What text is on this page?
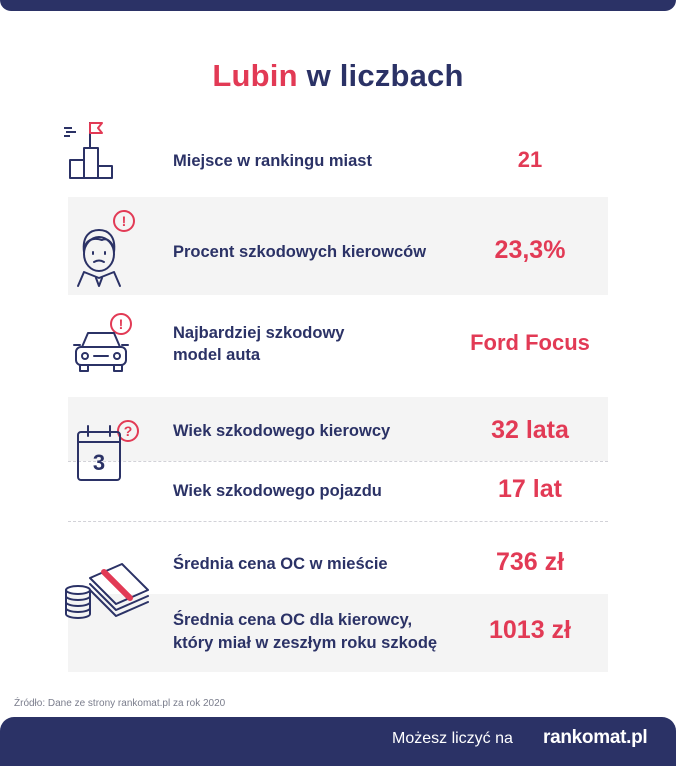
Lubin w liczbach
Miejsce w rankingu miast	21
!
Procent szkodowych kierowców	23,3%
!	Najbardziej szkodowy
model auta	Ford Focus
?
3
Wiek szkodowego kierowcy	32 lata
Wiek szkodowego pojazdu	17 lat
Średnia cena OC w mieście	736 zł
Średnia cena OC dla kierowcy,
który miał w zeszłym roku szkodę	1013 zł
Źródło: Dane ze strony rankomat.pl za rok 2020
Możesz liczyć na rankomat.pl
